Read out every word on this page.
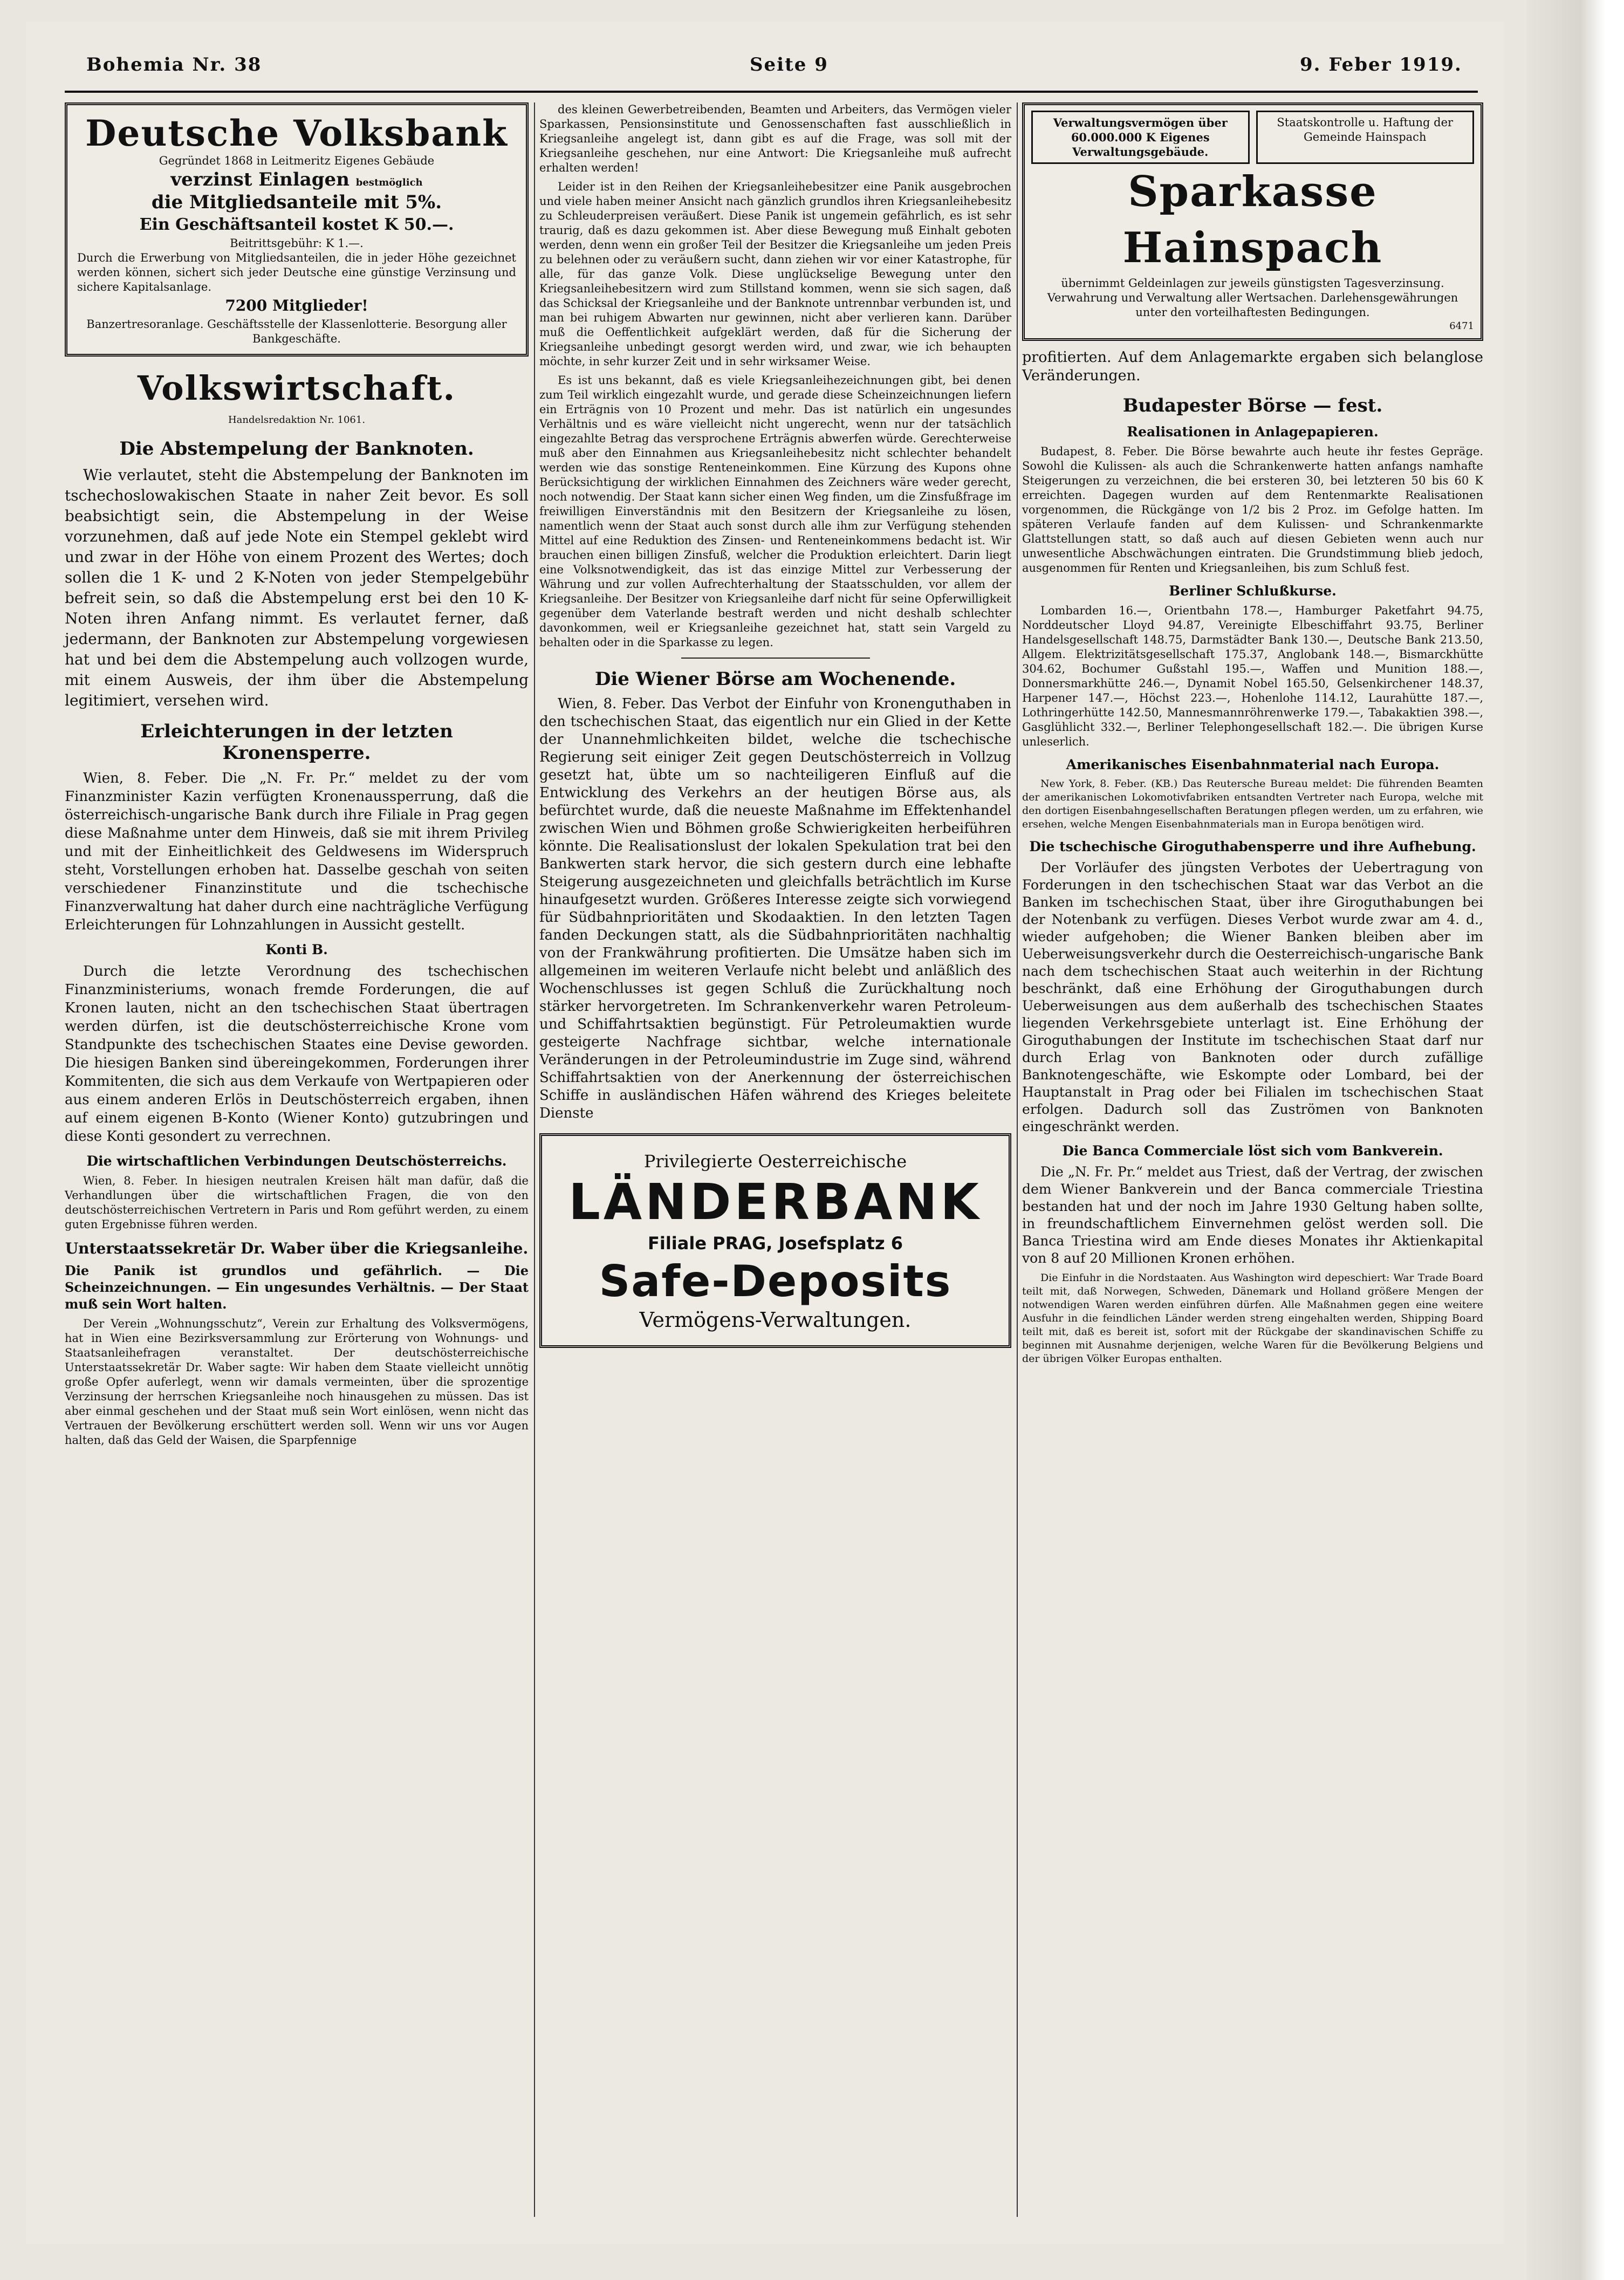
Bohemia Nr. 38	Seite 9	9. Feber 1919.
Deutsche Volksbank
Gegründet 1868 in Leitmeritz Eigenes Gebäude
verzinst Einlagen bestmöglich
die Mitgliedsanteile mit 5%.
Ein Geschäftsanteil kostet K 50.—.
Beitrittsgebühr: K 1.—.
Durch die Erwerbung von Mitgliedsanteilen, die in jeder Höhe gezeichnet werden können, sichert sich jeder Deutsche eine günstige Verzinsung und sichere Kapitalsanlage.
7200 Mitglieder!
Banzertresoranlage. Geschäftsstelle der Klassenlotterie. Besorgung aller Bankgeschäfte.
Volkswirtschaft.
Handelsredaktion Nr. 1061.
Die Abstempelung der Banknoten.

Wie verlautet, steht die Abstempelung der Banknoten im tschechoslowakischen Staate in naher Zeit bevor. Es soll beabsichtigt sein, die Abstempelung in der Weise vorzunehmen, daß auf jede Note ein Stempel geklebt wird und zwar in der Höhe von einem Prozent des Wertes; doch sollen die 1 K- und 2 K-Noten von jeder Stempelgebühr befreit sein, so daß die Abstempelung erst bei den 10 K-Noten ihren Anfang nimmt. Es verlautet ferner, daß jedermann, der Banknoten zur Abstempelung vorgewiesen hat und bei dem die Abstempelung auch vollzogen wurde, mit einem Ausweis, der ihm über die Abstempelung legitimiert, versehen wird.

Erleichterungen in der letzten Kronensperre.

Wien, 8. Feber. Die „N. Fr. Pr.“ meldet zu der vom Finanzminister Kazin verfügten Kronenaussperrung, daß die österreichisch-ungarische Bank durch ihre Filiale in Prag gegen diese Maßnahme unter dem Hinweis, daß sie mit ihrem Privileg und mit der Einheitlichkeit des Geldwesens im Widerspruch steht, Vorstellungen erhoben hat. Dasselbe geschah von seiten verschiedener Finanzinstitute und die tschechische Finanzverwaltung hat daher durch eine nachträgliche Verfügung Erleichterungen für Lohnzahlungen in Aussicht gestellt.

Konti B.

Durch die letzte Verordnung des tschechischen Finanzministeriums, wonach fremde Forderungen, die auf Kronen lauten, nicht an den tschechischen Staat übertragen werden dürfen, ist die deutschösterreichische Krone vom Standpunkte des tschechischen Staates eine Devise geworden. Die hiesigen Banken sind übereingekommen, Forderungen ihrer Kommitenten, die sich aus dem Verkaufe von Wertpapieren oder aus einem anderen Erlös in Deutschösterreich ergaben, ihnen auf einem eigenen B-Konto (Wiener Konto) gutzubringen und diese Konti gesondert zu verrechnen.

Die wirtschaftlichen Verbindungen Deutschösterreichs.

Wien, 8. Feber. In hiesigen neutralen Kreisen hält man dafür, daß die Verhandlungen über die wirtschaftlichen Fragen, die von den deutschösterreichischen Vertretern in Paris und Rom geführt werden, zu einem guten Ergebnisse führen werden.

Unterstaatssekretär Dr. Waber über die Kriegsanleihe.

Die Panik ist grundlos und gefährlich. — Die Scheinzeichnungen. — Ein ungesundes Verhältnis. — Der Staat muß sein Wort halten.

Der Verein „Wohnungsschutz“, Verein zur Erhaltung des Volksvermögens, hat in Wien eine Bezirksversammlung zur Erörterung von Wohnungs- und Staatsanleihefragen veranstaltet. Der deutschösterreichische Unterstaatssekretär Dr. Waber sagte: Wir haben dem Staate vielleicht unnötig große Opfer auferlegt, wenn wir damals vermeinten, über die sprozentige Verzinsung der herrschen Kriegsanleihe noch hinausgehen zu müssen. Das ist aber einmal geschehen und der Staat muß sein Wort einlösen, wenn nicht das Vertrauen der Bevölkerung erschüttert werden soll. Wenn wir uns vor Augen halten, daß das Geld der Waisen, die Sparpfennige

des kleinen Gewerbetreibenden, Beamten und Arbeiters, das Vermögen vieler Sparkassen, Pensionsinstitute und Genossenschaften fast ausschließlich in Kriegsanleihe angelegt ist, dann gibt es auf die Frage, was soll mit der Kriegsanleihe geschehen, nur eine Antwort: Die Kriegsanleihe muß aufrecht erhalten werden!

Leider ist in den Reihen der Kriegsanleihebesitzer eine Panik ausgebrochen und viele haben meiner Ansicht nach gänzlich grundlos ihren Kriegsanleihebesitz zu Schleuderpreisen veräußert. Diese Panik ist ungemein gefährlich, es ist sehr traurig, daß es dazu gekommen ist. Aber diese Bewegung muß Einhalt geboten werden, denn wenn ein großer Teil der Besitzer die Kriegsanleihe um jeden Preis zu belehnen oder zu veräußern sucht, dann ziehen wir vor einer Katastrophe, für alle, für das ganze Volk. Diese unglückselige Bewegung unter den Kriegsanleihebesitzern wird zum Stillstand kommen, wenn sie sich sagen, daß das Schicksal der Kriegsanleihe und der Banknote untrennbar verbunden ist, und man bei ruhigem Abwarten nur gewinnen, nicht aber verlieren kann. Darüber muß die Oeffentlichkeit aufgeklärt werden, daß für die Sicherung der Kriegsanleihe unbedingt gesorgt werden wird, und zwar, wie ich behaupten möchte, in sehr kurzer Zeit und in sehr wirksamer Weise.

Es ist uns bekannt, daß es viele Kriegsanleihezeichnungen gibt, bei denen zum Teil wirklich eingezahlt wurde, und gerade diese Scheinzeichnungen liefern ein Erträgnis von 10 Prozent und mehr. Das ist natürlich ein ungesundes Verhältnis und es wäre vielleicht nicht ungerecht, wenn nur der tatsächlich eingezahlte Betrag das versprochene Erträgnis abwerfen würde. Gerechterweise muß aber den Einnahmen aus Kriegsanleihebesitz nicht schlechter behandelt werden wie das sonstige Renteneinkommen. Eine Kürzung des Kupons ohne Berücksichtigung der wirklichen Einnahmen des Zeichners wäre weder gerecht, noch notwendig. Der Staat kann sicher einen Weg finden, um die Zinsfußfrage im freiwilligen Einverständnis mit den Besitzern der Kriegsanleihe zu lösen, namentlich wenn der Staat auch sonst durch alle ihm zur Verfügung stehenden Mittel auf eine Reduktion des Zinsen- und Renteneinkommens bedacht ist. Wir brauchen einen billigen Zinsfuß, welcher die Produktion erleichtert. Darin liegt eine Volksnotwendigkeit, das ist das einzige Mittel zur Verbesserung der Währung und zur vollen Aufrechterhaltung der Staatsschulden, vor allem der Kriegsanleihe. Der Besitzer von Kriegsanleihe darf nicht für seine Opferwilligkeit gegenüber dem Vaterlande bestraft werden und nicht deshalb schlechter davonkommen, weil er Kriegsanleihe gezeichnet hat, statt sein Vargeld zu behalten oder in die Sparkasse zu legen.

Die Wiener Börse am Wochenende.

Wien, 8. Feber. Das Verbot der Einfuhr von Kronenguthaben in den tschechischen Staat, das eigentlich nur ein Glied in der Kette der Unannehmlichkeiten bildet, welche die tschechische Regierung seit einiger Zeit gegen Deutschösterreich in Vollzug gesetzt hat, übte um so nachteiligeren Einfluß auf die Entwicklung des Verkehrs an der heutigen Börse aus, als befürchtet wurde, daß die neueste Maßnahme im Effektenhandel zwischen Wien und Böhmen große Schwierigkeiten herbeiführen könnte. Die Realisationslust der lokalen Spekulation trat bei den Bankwerten stark hervor, die sich gestern durch eine lebhafte Steigerung ausgezeichneten und gleichfalls beträchtlich im Kurse hinaufgesetzt wurden. Größeres Interesse zeigte sich vorwiegend für Südbahnprioritäten und Skodaaktien. In den letzten Tagen fanden Deckungen statt, als die Südbahnprioritäten nachhaltig von der Frankwährung profitierten. Die Umsätze haben sich im allgemeinen im weiteren Verlaufe nicht belebt und anläßlich des Wochenschlusses ist gegen Schluß die Zurückhaltung noch stärker hervorgetreten. Im Schrankenverkehr waren Petroleum- und Schiffahrtsaktien begünstigt. Für Petroleumaktien wurde gesteigerte Nachfrage sichtbar, welche internationale Veränderungen in der Petroleumindustrie im Zuge sind, während Schiffahrtsaktien von der Anerkennung der österreichischen Schiffe in ausländischen Häfen während des Krieges beleitete Dienste

Privilegierte Oesterreichische
LÄNDERBANK
Filiale PRAG, Josefsplatz 6
Safe-Deposits
Vermögens-Verwaltungen.
Verwaltungsvermögen über 60.000.000 K Eigenes Verwaltungsgebäude.
Staatskontrolle u. Haftung der Gemeinde Hainspach
Sparkasse Hainspach
übernimmt Geldeinlagen zur jeweils günstigsten Tagesverzinsung. Verwahrung und Verwaltung aller Wertsachen. Darlehensgewährungen unter den vorteilhaftesten Bedingungen.
6471

profitierten. Auf dem Anlagemarkte ergaben sich belanglose Veränderungen.

Budapester Börse — fest.
Realisationen in Anlagepapieren.

Budapest, 8. Feber. Die Börse bewahrte auch heute ihr festes Gepräge. Sowohl die Kulissen- als auch die Schrankenwerte hatten anfangs namhafte Steigerungen zu verzeichnen, die bei ersteren 30, bei letzteren 50 bis 60 K erreichten. Dagegen wurden auf dem Rentenmarkte Realisationen vorgenommen, die Rückgänge von 1/2 bis 2 Proz. im Gefolge hatten. Im späteren Verlaufe fanden auf dem Kulissen- und Schrankenmarkte Glattstellungen statt, so daß auch auf diesen Gebieten wenn auch nur unwesentliche Abschwächungen eintraten. Die Grundstimmung blieb jedoch, ausgenommen für Renten und Kriegsanleihen, bis zum Schluß fest.

Berliner Schlußkurse.

Lombarden 16.—, Orientbahn 178.—, Hamburger Paketfahrt 94.75, Norddeutscher Lloyd 94.87, Vereinigte Elbeschiffahrt 93.75, Berliner Handelsgesellschaft 148.75, Darmstädter Bank 130.—, Deutsche Bank 213.50, Allgem. Elektrizitätsgesellschaft 175.37, Anglobank 148.—, Bismarckhütte 304.62, Bochumer Gußstahl 195.—, Waffen und Munition 188.—, Donnersmarkhütte 246.—, Dynamit Nobel 165.50, Gelsenkirchener 148.37, Harpener 147.—, Höchst 223.—, Hohenlohe 114.12, Laurahütte 187.—, Lothringerhütte 142.50, Mannesmannröhrenwerke 179.—, Tabakaktien 398.—, Gasglühlicht 332.—, Berliner Telephongesellschaft 182.—. Die übrigen Kurse unleserlich.

Amerikanisches Eisenbahnmaterial nach Europa.

New York, 8. Feber. (KB.) Das Reutersche Bureau meldet: Die führenden Beamten der amerikanischen Lokomotivfabriken entsandten Vertreter nach Europa, welche mit den dortigen Eisenbahngesellschaften Beratungen pflegen werden, um zu erfahren, wie ersehen, welche Mengen Eisenbahnmaterials man in Europa benötigen wird.

Die tschechische Giroguthabensperre und ihre Aufhebung.

Der Vorläufer des jüngsten Verbotes der Uebertragung von Forderungen in den tschechischen Staat war das Verbot an die Banken im tschechischen Staat, über ihre Giroguthabungen bei der Notenbank zu verfügen. Dieses Verbot wurde zwar am 4. d., wieder aufgehoben; die Wiener Banken bleiben aber im Ueberweisungsverkehr durch die Oesterreichisch-ungarische Bank nach dem tschechischen Staat auch weiterhin in der Richtung beschränkt, daß eine Erhöhung der Giroguthabungen durch Ueberweisungen aus dem außerhalb des tschechischen Staates liegenden Verkehrsgebiete unterlagt ist. Eine Erhöhung der Giroguthabungen der Institute im tschechischen Staat darf nur durch Erlag von Banknoten oder durch zufällige Banknotengeschäfte, wie Eskompte oder Lombard, bei der Hauptanstalt in Prag oder bei Filialen im tschechischen Staat erfolgen. Dadurch soll das Zuströmen von Banknoten eingeschränkt werden.

Die Banca Commerciale löst sich vom Bankverein.

Die „N. Fr. Pr.“ meldet aus Triest, daß der Vertrag, der zwischen dem Wiener Bankverein und der Banca commerciale Triestina bestanden hat und der noch im Jahre 1930 Geltung haben sollte, in freundschaftlichem Einvernehmen gelöst werden soll. Die Banca Triestina wird am Ende dieses Monates ihr Aktienkapital von 8 auf 20 Millionen Kronen erhöhen.

Die Einfuhr in die Nordstaaten. Aus Washington wird depeschiert: War Trade Board teilt mit, daß Norwegen, Schweden, Dänemark und Holland größere Mengen der notwendigen Waren werden einführen dürfen. Alle Maßnahmen gegen eine weitere Ausfuhr in die feindlichen Länder werden streng eingehalten werden, Shipping Board teilt mit, daß es bereit ist, sofort mit der Rückgabe der skandinavischen Schiffe zu beginnen mit Ausnahme derjenigen, welche Waren für die Bevölkerung Belgiens und der übrigen Völker Europas enthalten.
